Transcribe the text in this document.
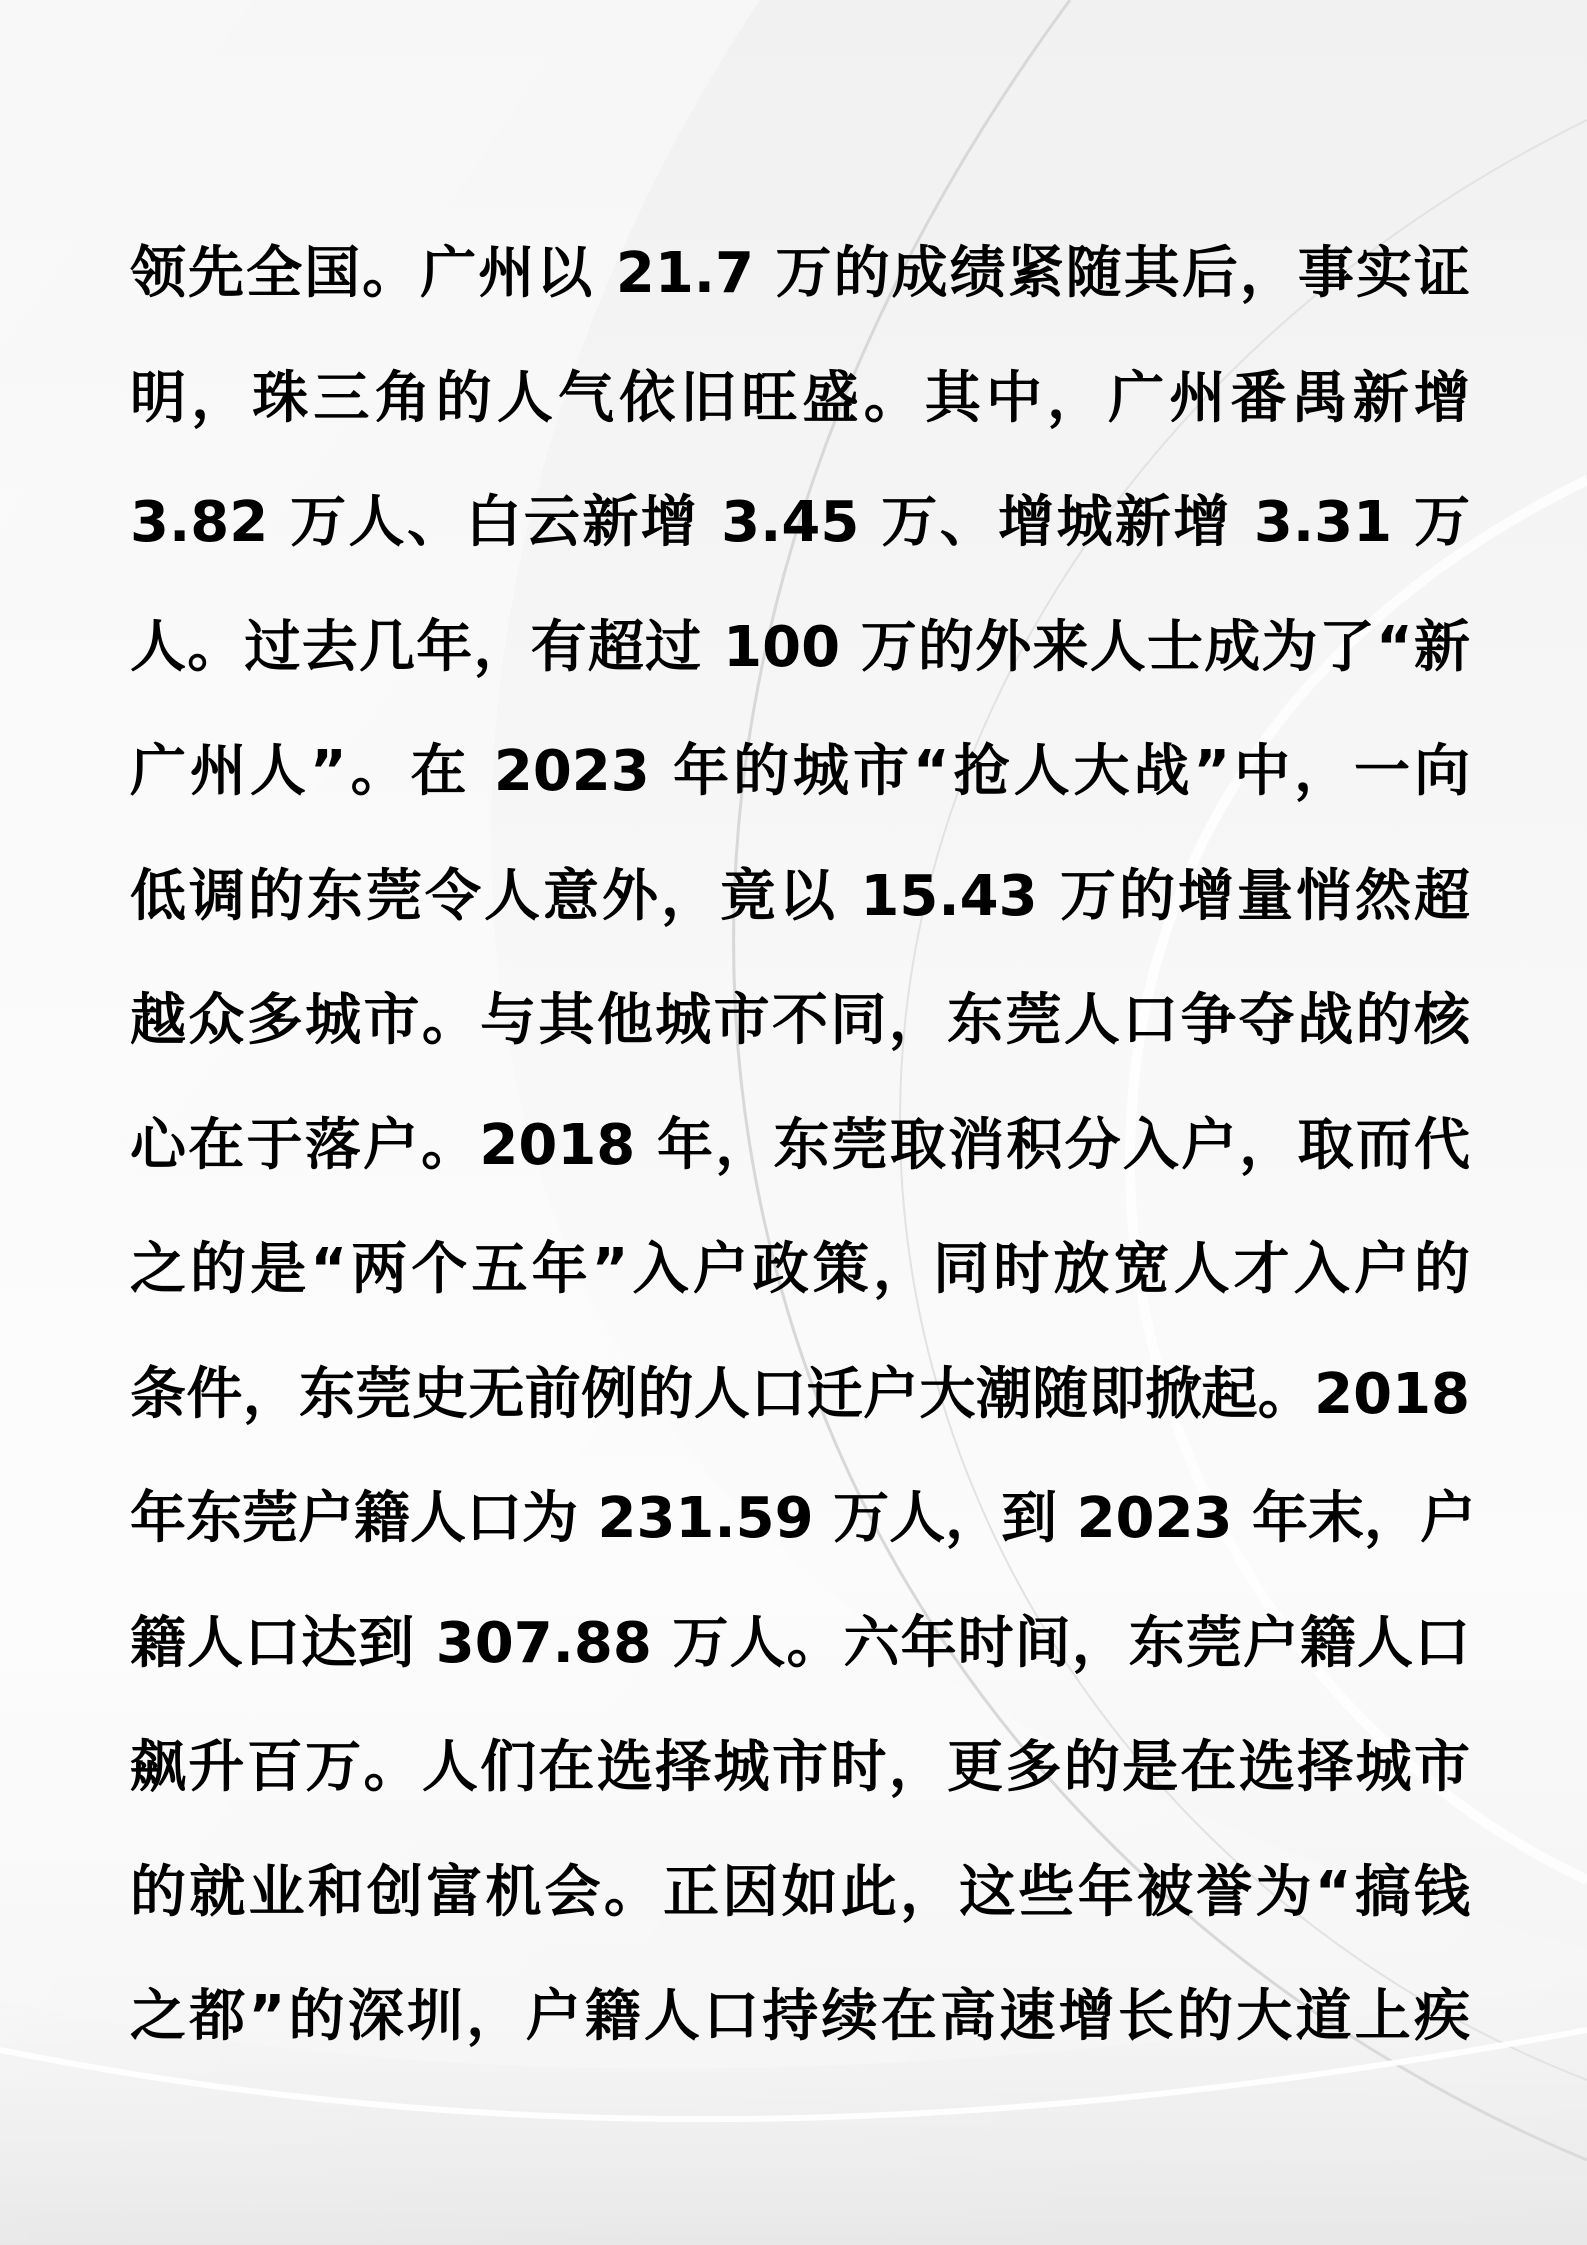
领先全国。广州以 21.7 万的成绩紧随其后，事实证
明，珠三角的人气依旧旺盛。其中，广州番禺新增
3.82 万人、白云新增 3.45 万、增城新增 3.31 万
人。过去几年，有超过 100 万的外来人士成为了“新
广州人”。在 2023 年的城市“抢人大战”中，一向
低调的东莞令人意外，竟以 15.43 万的增量悄然超
越众多城市。与其他城市不同，东莞人口争夺战的核
心在于落户。2018 年，东莞取消积分入户，取而代
之的是“两个五年”入户政策，同时放宽人才入户的
条件，东莞史无前例的人口迁户大潮随即掀起。2018
年东莞户籍人口为 231.59 万人，到 2023 年末，户
籍人口达到 307.88 万人。六年时间，东莞户籍人口
飙升百万。人们在选择城市时，更多的是在选择城市
的就业和创富机会。正因如此，这些年被誉为“搞钱
之都”的深圳，户籍人口持续在高速增长的大道上疾
